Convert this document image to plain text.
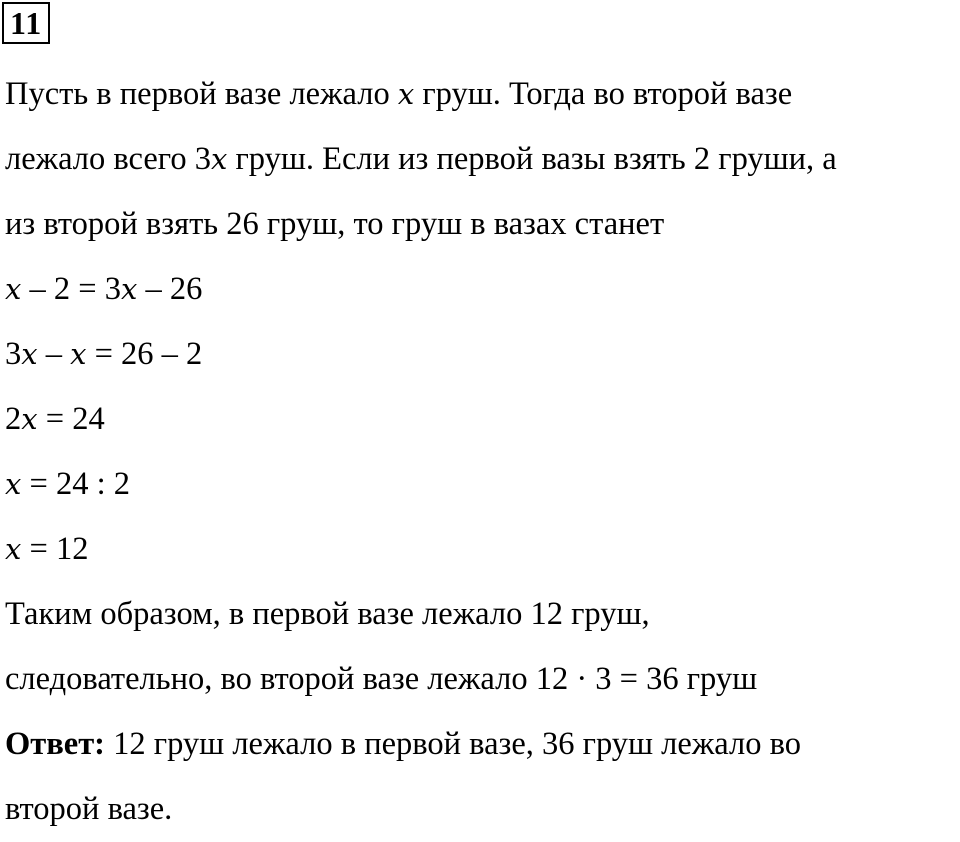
11
Пусть в первой вазе лежало x груш. Тогда во второй вазе
лежало всего 3x груш. Если из первой вазы взять 2 груши, а
из второй взять 26 груш, то груш в вазах станет
x – 2 = 3x – 26
3x – x = 26 – 2
2x = 24
x = 24 : 2
x = 12
Таким образом, в первой вазе лежало 12 груш,
следовательно, во второй вазе лежало 12 · 3 = 36 груш
Ответ: 12 груш лежало в первой вазе, 36 груш лежало во
второй вазе.
